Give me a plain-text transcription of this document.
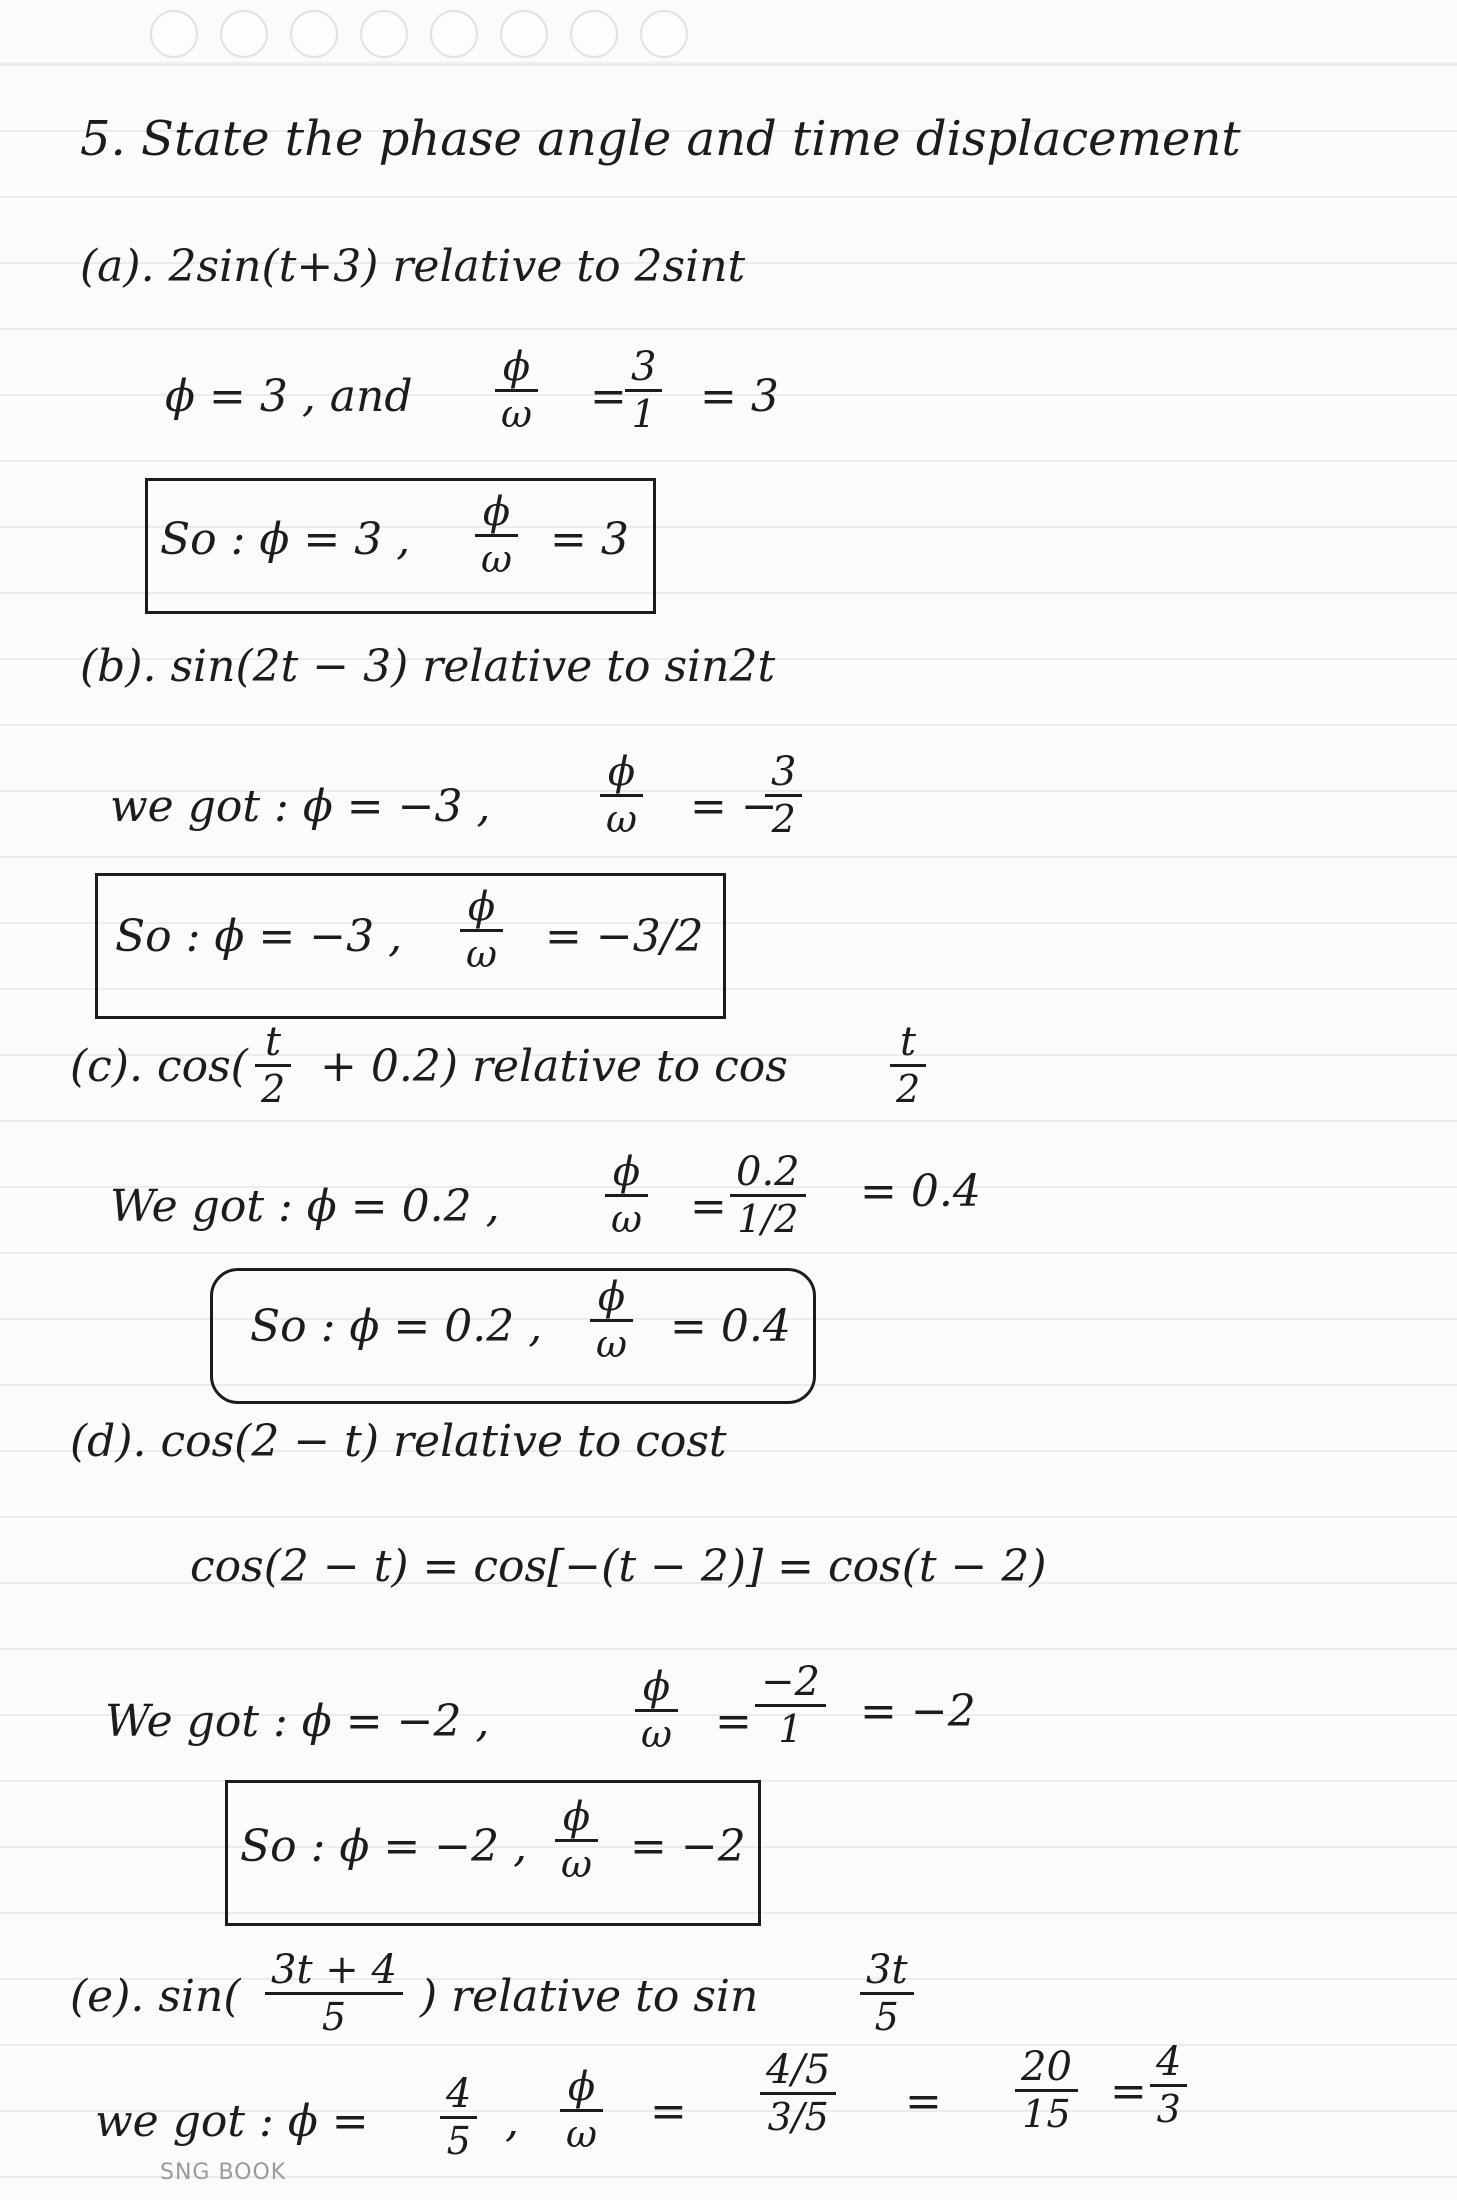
5. State the phase angle and time displacement
(a). 2sin(t+3) relative to 2sint
ϕ = 3 , and $\frac{\phi}{\omega}$ =
$\frac{3}{1} = 3$
So : ϕ = 3 , $\frac{\phi}{\omega} = 3$
(b). sin(2t − 3) relative to sin2t
we got : ϕ = −3 ,	$\frac{\phi}{\omega}$ = −
$\frac{3}{2}$
So : ϕ = −3 , $\frac{\phi}{\omega} = -3/2$
(c). $\cos( \frac{t}{2} + 0.2)$ relative to cos	$\frac{t}{2}$
We got : ϕ = 0.2 ,	$\frac{\phi}{\omega} = \frac{0.2}{1/2} = 0.4$
So : ϕ = 0.2 , $\frac{\phi}{\omega} = 0.4$
(d). cos(2 − t) relative to cost
cos(2 − t) = cos[−(t − 2)] = cos(t − 2)
We got : ϕ = −2 ,	$\frac{\phi}{\omega} = \frac{-2}{1} = -2$
So : ϕ = −2 , $\frac{\phi}{\omega} = -2$
(e). $\sin( \frac{3t + 4}{5}$ ) relative to sin	$\frac{3t}{5}$
we got : $\phi = \frac{4}{5}$ , $\frac{\phi}{\omega} = \frac{4/5}{3/5} = \frac{20}{15} = \frac{4}{3}$
SNG BOOK
